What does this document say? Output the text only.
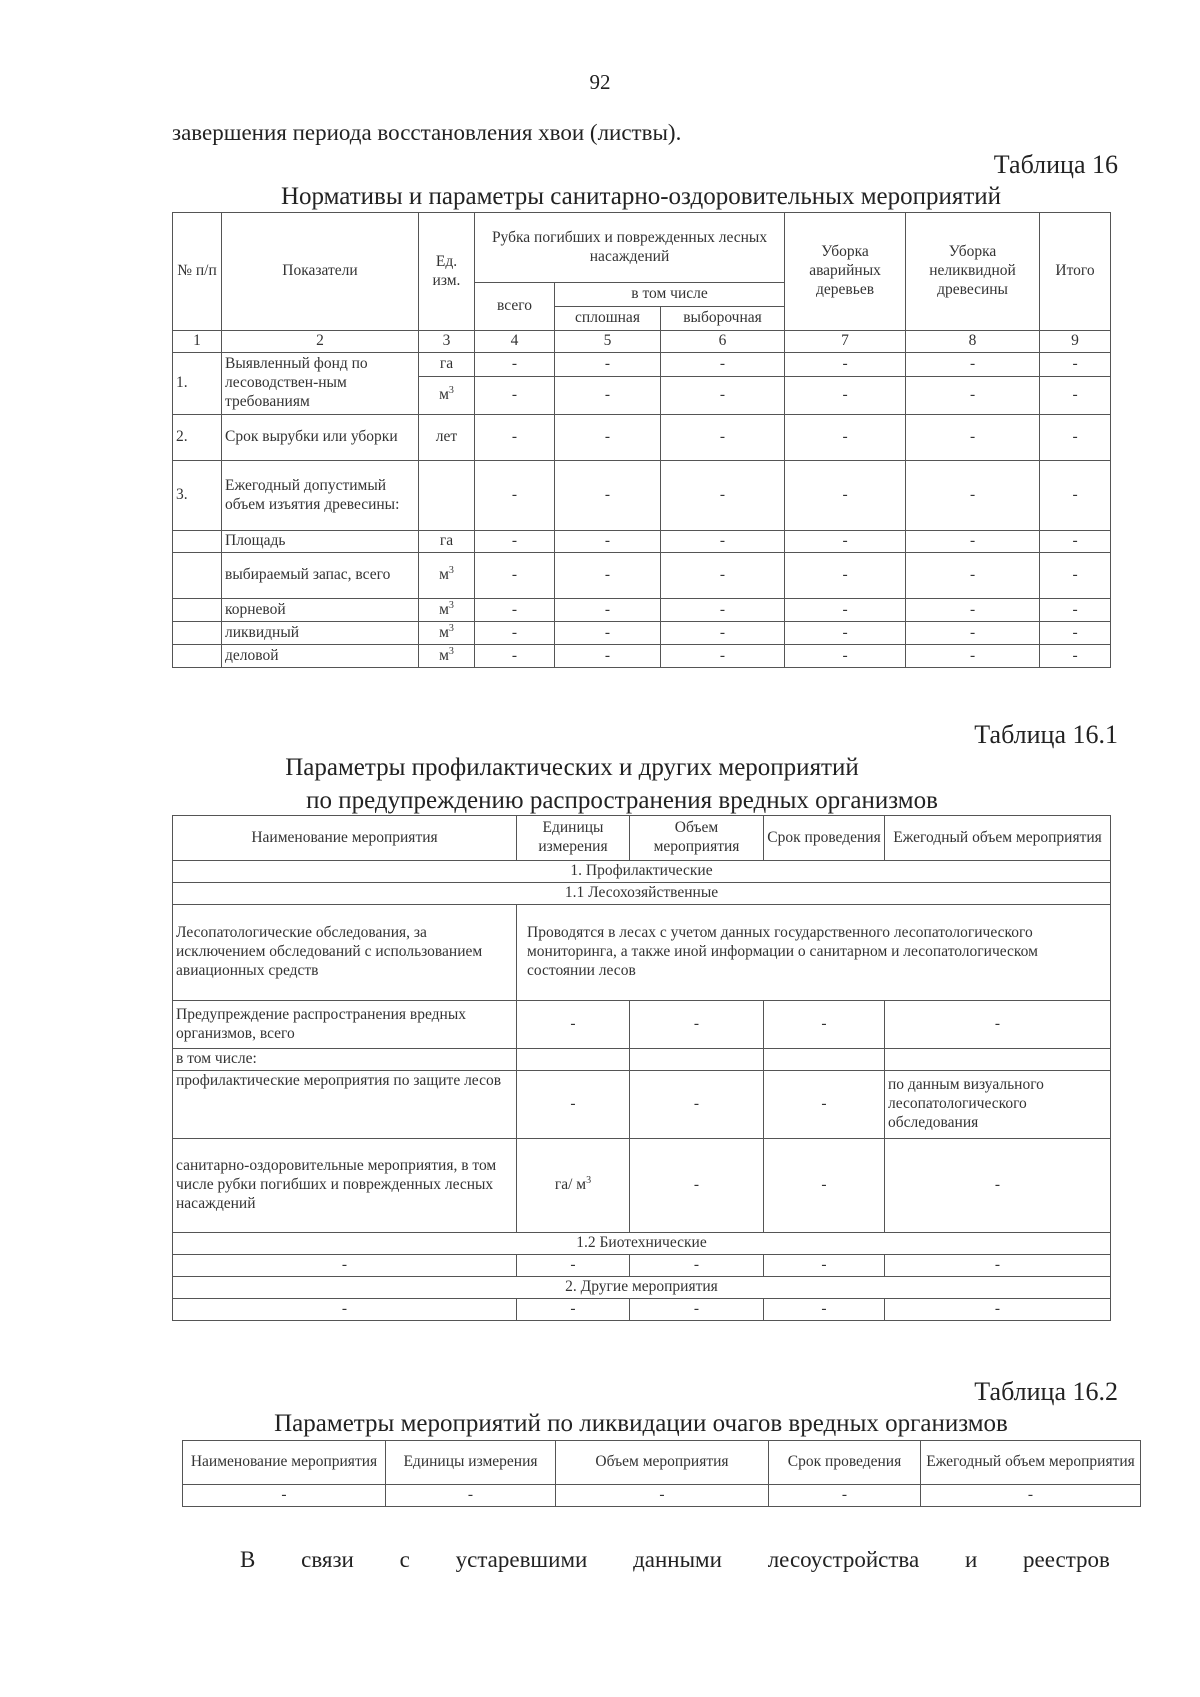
92
завершения периода восстановления хвои (листвы).
Таблица 16
Нормативы и параметры санитарно-оздоровительных мероприятий
№ п/п	Показатели	Ед. изм.	Рубка погибших и поврежденных лесных насаждений			Уборка аварийных деревьев	Уборка неликвидной древесины	Итого
			всего	в том числе				
				сплошная	выборочная			
1	2	3	4	5	6	7	8	9
1.	Выявленный фонд по лесоводствен-ным требованиям	га	-	-	-	-	-	-
		$м^3$	-	-	-	-	-	-
2.	Срок вырубки или уборки	лет	-	-	-	-	-	-
3.	Ежегодный допустимый объем изъятия древесины:		-	-	-	-	-	-
	Площадь	га	-	-	-	-	-	-
	выбираемый запас, всего	$м^3$	-	-	-	-	-	-
	корневой	$м^3$	-	-	-	-	-	-
	ликвидный	$м^3$	-	-	-	-	-	-
	деловой	$м^3$	-	-	-	-	-	-
Таблица 16.1
Параметры профилактических и других мероприятий
по предупреждению распространения вредных организмов
Наименование мероприятия	Единицы измерения	Объем мероприятия	Срок проведения	Ежегодный объем мероприятия
1. Профилактические				
1.1 Лесохозяйственные				
Лесопатологические обследования, за исключением обследований с использованием авиационных средств	Проводятся в лесах с учетом данных государственного лесопатологического мониторинга, а также иной информации о санитарном и лесопатологическом состоянии лесов			
Предупреждение распространения вредных организмов, всего	-	-	-	-
в том числе:				
профилактические мероприятия по защите лесов	-	-	-	по данным визуального лесопатологического обследования
санитарно-оздоровительные мероприятия, в том числе рубки погибших и поврежденных лесных насаждений	га/ $м^3$	-	-	-
1.2 Биотехнические				
-	-	-	-	-
2. Другие мероприятия				
-	-	-	-	-
Таблица 16.2
Параметры мероприятий по ликвидации очагов вредных организмов
Наименование мероприятия	Единицы измерения	Объем мероприятия	Срок проведения	Ежегодный объем мероприятия
-	-	-	-	-
В связи с устаревшими данными лесоустройства и реестров
